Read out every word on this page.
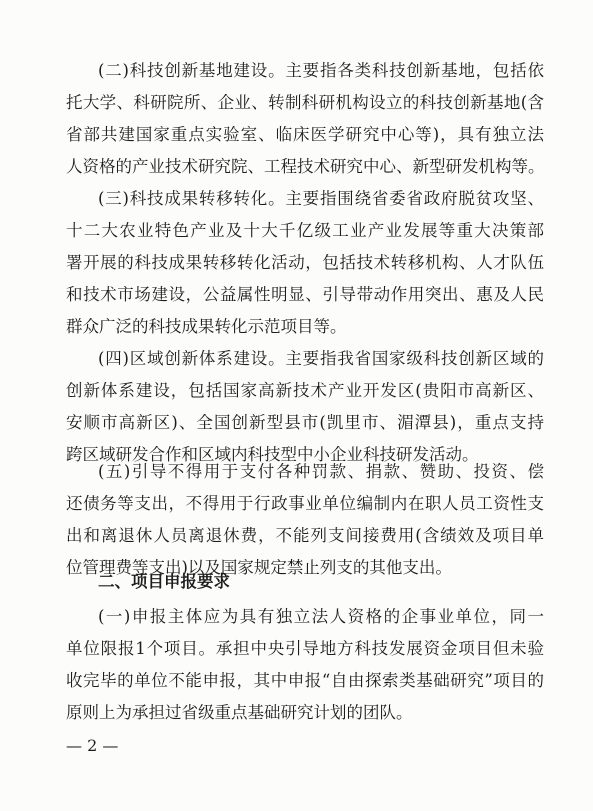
(二)科技创新基地建设。主要指各类科技创新基地，包括依
托大学、科研院所、企业、转制科研机构设立的科技创新基地(含
省部共建国家重点实验室、临床医学研究中心等)，具有独立法
人资格的产业技术研究院、工程技术研究中心、新型研发机构等。
(三)科技成果转移转化。主要指围绕省委省政府脱贫攻坚、
十二大农业特色产业及十大千亿级工业产业发展等重大决策部
署开展的科技成果转移转化活动，包括技术转移机构、人才队伍
和技术市场建设，公益属性明显、引导带动作用突出、惠及人民
群众广泛的科技成果转化示范项目等。
(四)区域创新体系建设。主要指我省国家级科技创新区域的
创新体系建设，包括国家高新技术产业开发区(贵阳市高新区、
安顺市高新区)、全国创新型县市(凯里市、湄潭县)，重点支持
跨区域研发合作和区域内科技型中小企业科技研发活动。
(五)引导不得用于支付各种罚款、捐款、赞助、投资、偿
还债务等支出，不得用于行政事业单位编制内在职人员工资性支
出和离退休人员离退休费，不能列支间接费用(含绩效及项目单
位管理费等支出)以及国家规定禁止列支的其他支出。
二、项目申报要求
(一)申报主体应为具有独立法人资格的企事业单位，同一
单位限报1个项目。承担中央引导地方科技发展资金项目但未验
收完毕的单位不能申报，其中申报“自由探索类基础研究”项目的
原则上为承担过省级重点基础研究计划的团队。
— 2 —
